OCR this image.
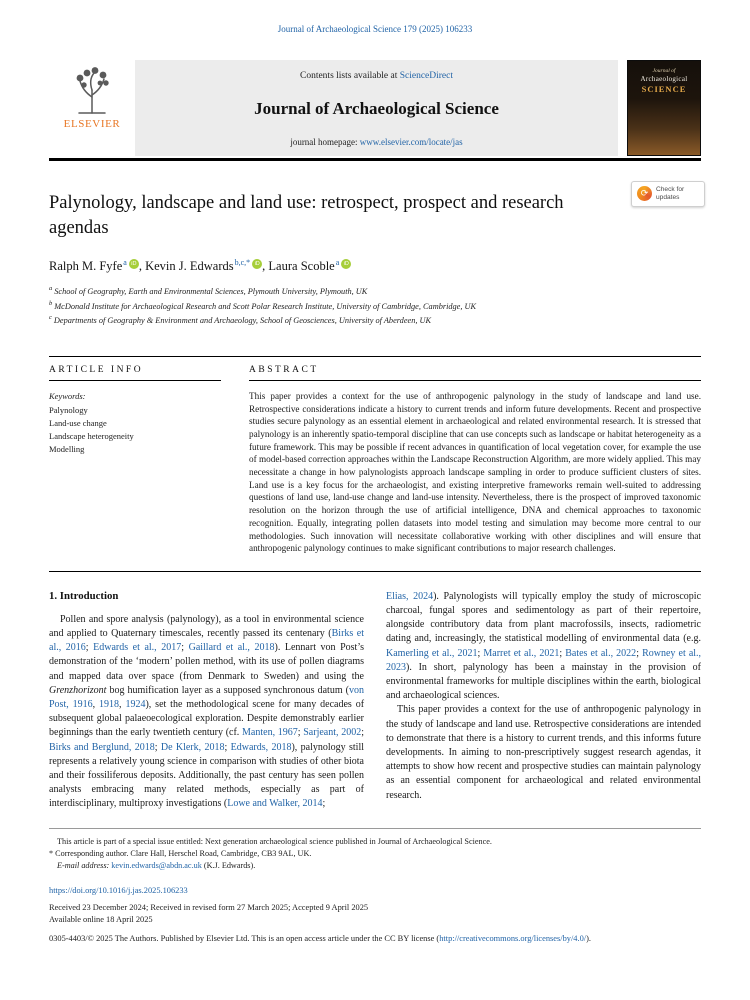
Journal of Archaeological Science 179 (2025) 106233
ELSEVIER
Contents lists available at ScienceDirect
Journal of Archaeological Science
journal homepage: www.elsevier.com/locate/jas
Journal of
Archaeological
SCIENCE
Palynology, landscape and land use: retrospect, prospect and research agendas
⟳	Check for updates
Ralph M. Fyfe$^a$ iD , Kevin J. Edwards$^{b,c,*}$ iD , Laura Scoble$^a$ iD
$^a$ School of Geography, Earth and Environmental Sciences, Plymouth University, Plymouth, UK
$^b$ McDonald Institute for Archaeological Research and Scott Polar Research Institute, University of Cambridge, Cambridge, UK
$^c$ Departments of Geography & Environment and Archaeology, School of Geosciences, University of Aberdeen, UK
ARTICLE INFO
Keywords:
Palynology
Land-use change
Landscape heterogeneity
Modelling
ABSTRACT

This paper provides a context for the use of anthropogenic palynology in the study of landscape and land use. Retrospective considerations indicate a history to current trends and inform future developments. Recent and prospective studies secure palynology as an essential element in archaeological and related environmental research. It is stressed that palynology is an inherently spatio-temporal discipline that can use concepts such as landscape or habitat heterogeneity as a future framework. This may be possible if recent advances in quantification of local vegetation cover, for example the use of model-based correction approaches within the Landscape Reconstruction Algorithm, are more widely applied. This may necessitate a change in how palynologists approach landscape sampling in order to produce sufficient clusters of sites. Land use is a key focus for the archaeologist, and existing interpretive frameworks remain well-suited to addressing questions of land use, land-use change and land-use intensity. Nevertheless, there is the prospect of improved taxonomic resolution on the horizon through the use of artificial intelligence, DNA and chemical approaches to taxonomic recognition. Equally, integrating pollen datasets into model testing and simulation may become more central to our methodologies. Such innovation will necessitate collaborative working with other disciplines and will ensure that anthropogenic palynology continues to make significant contributions to major research challenges.

1. Introduction

Pollen and spore analysis (palynology), as a tool in environmental science and applied to Quaternary timescales, recently passed its centenary (Birks et al., 2016; Edwards et al., 2017; Gaillard et al., 2018). Lennart von Post’s demonstration of the ‘modern’ pollen method, with its use of pollen diagrams and mapped data over space (from Denmark to Sweden) and using the Grenzhorizont bog humification layer as a supposed synchronous datum (von Post, 1916, 1918, 1924), set the methodological scene for many decades of subsequent global palaeoecological exploration. Despite demonstrably earlier beginnings than the early twentieth century (cf. Manten, 1967; Sarjeant, 2002; Birks and Berglund, 2018; De Klerk, 2018; Edwards, 2018), palynology still represents a relatively young science in comparison with studies of other biota and their fossiliferous deposits. Additionally, the past century has seen pollen analysts embracing many related methods, especially as part of interdisciplinary, multiproxy investigations (Lowe and Walker, 2014;

Elias, 2024). Palynologists will typically employ the study of microscopic charcoal, fungal spores and sedimentology as part of their repertoire, alongside contributory data from plant macrofossils, insects, radiometric dating and, increasingly, the statistical modelling of environmental data (e.g. Kamerling et al., 2021; Marret et al., 2021; Bates et al., 2022; Rowney et al., 2023). In short, palynology has been a mainstay in the provision of environmental frameworks for multiple disciplines within the earth, biological and archaeological sciences.

This paper provides a context for the use of anthropogenic palynology in the study of landscape and land use. Retrospective considerations are intended to demonstrate that there is a history to current trends, and this informs future developments. In aiming to non-prescriptively suggest research agendas, it attempts to show how recent and prospective studies can maintain palynology as an essential component for archaeological and related environmental research.

This article is part of a special issue entitled: Next generation archaeological science published in Journal of Archaeological Science.
* Corresponding author. Clare Hall, Herschel Road, Cambridge, CB3 9AL, UK.
E-mail address: kevin.edwards@abdn.ac.uk (K.J. Edwards).
https://doi.org/10.1016/j.jas.2025.106233
Received 23 December 2024; Received in revised form 27 March 2025; Accepted 9 April 2025
Available online 18 April 2025
0305-4403/© 2025 The Authors. Published by Elsevier Ltd. This is an open access article under the CC BY license (http://creativecommons.org/licenses/by/4.0/).
